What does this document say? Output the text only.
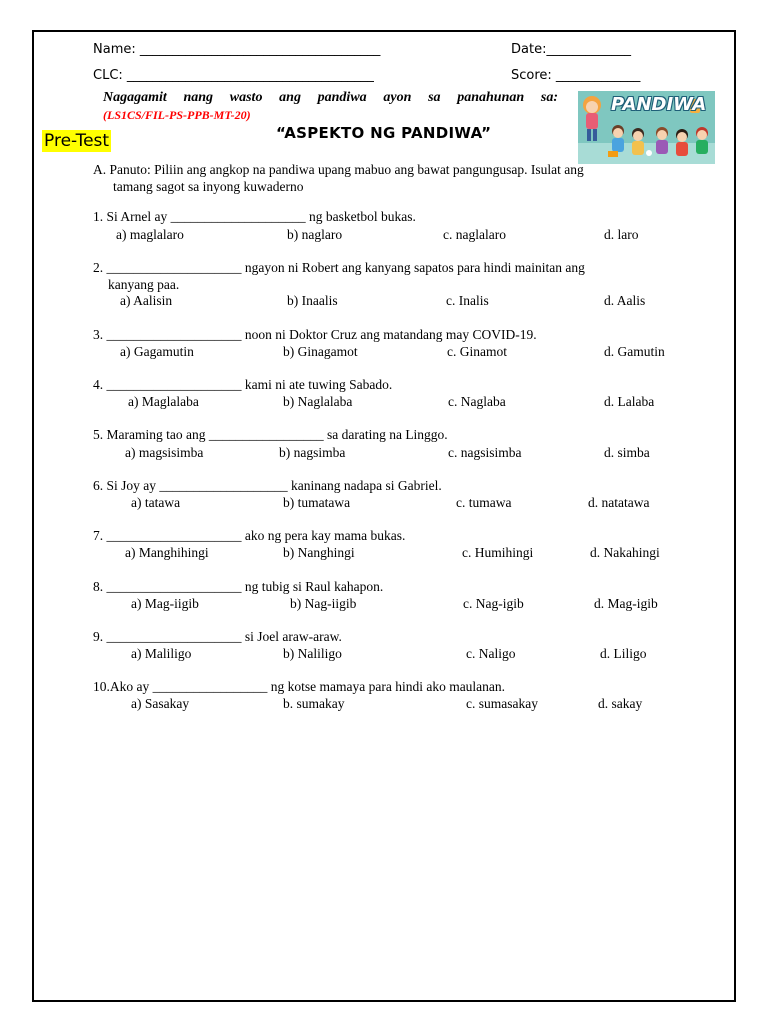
Name: _____________________________________	Date:_____________
CLC: ______________________________________	Score: _____________
Nagagamit nang wasto ang pandiwa ayon sa panahunan sa:
(LS1CS/FIL-PS-PPB-MT-20)
Pre-Test	“ASPEKTO NG PANDIWA”
PANDIWA
A. Panuto: Piliin ang angkop na pandiwa upang mabuo ang bawat pangungusap. Isulat ang
tamang sagot sa inyong kuwaderno
1. Si Arnel ay ____________________ ng basketbol bukas.
a) maglalaro	b) naglaro	c. naglalaro	d. laro
2. ____________________ ngayon ni Robert ang kanyang sapatos para hindi mainitan ang
kanyang paa.
a) Aalisin	b) Inaalis	c. Inalis	d. Aalis
3. ____________________ noon ni Doktor Cruz ang matandang may COVID-19.
a) Gagamutin	b) Ginagamot	c. Ginamot	d. Gamutin
4. ____________________ kami ni ate tuwing Sabado.
a) Maglalaba	b) Naglalaba	c. Naglaba	d. Lalaba
5. Maraming tao ang _________________ sa darating na Linggo.
a) magsisimba	b) nagsimba	c. nagsisimba	d. simba
6. Si Joy ay ___________________ kaninang nadapa si Gabriel.
a) tatawa	b) tumatawa	c. tumawa	d. natatawa
7. ____________________ ako ng pera kay mama bukas.
a) Manghihingi	b) Nanghingi	c. Humihingi	d. Nakahingi
8. ____________________ ng tubig si Raul kahapon.
a) Mag-iigib	b) Nag-iigib	c. Nag-igib	d. Mag-igib
9. ____________________ si Joel araw-araw.
a) Maliligo	b) Naliligo	c. Naligo	d. Liligo
10.Ako ay _________________ ng kotse mamaya para hindi ako maulanan.
a) Sasakay	b. sumakay	c. sumasakay	d. sakay
